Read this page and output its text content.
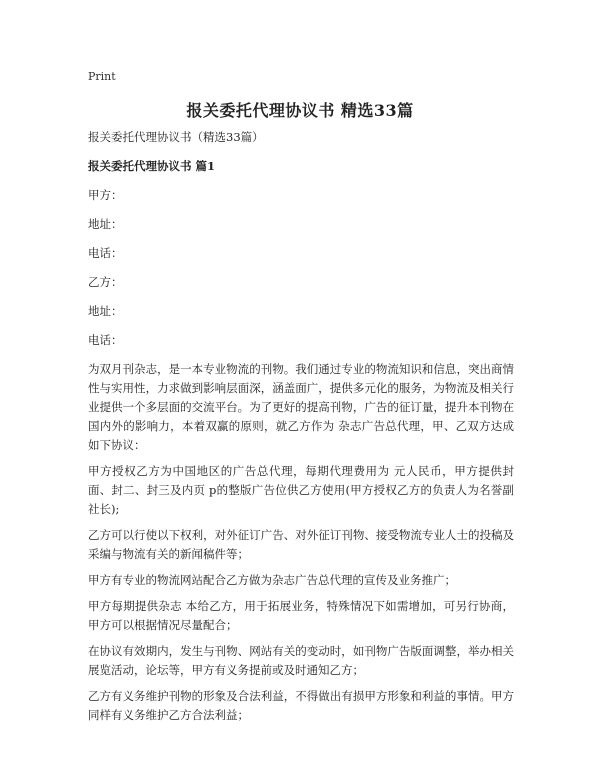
Print
报关委托代理协议书 精选33篇

报关委托代理协议书（精选33篇）

报关委托代理协议书 篇1

甲方：

地址：

电话：

乙方：

地址：

电话：

为双月刊杂志，是一本专业物流的刊物。我们通过专业的物流知识和信息，突出商情性与实用性，力求做到影响层面深，涵盖面广，提供多元化的服务，为物流及相关行业提供一个多层面的交流平台。为了更好的提高刊物，广告的征订量，提升本刊物在国内外的影响力，本着双赢的原则，就乙方作为 杂志广告总代理，甲、乙双方达成如下协议：

甲方授权乙方为中国地区的广告总代理，每期代理费用为 元人民币，甲方提供封面、封二、封三及内页 p的整版广告位供乙方使用(甲方授权乙方的负责人为名誉副社长);

乙方可以行使以下权利，对外征订广告、对外征订刊物、接受物流专业人士的投稿及采编与物流有关的新闻稿件等；

甲方有专业的物流网站配合乙方做为杂志广告总代理的宣传及业务推广；

甲方每期提供杂志 本给乙方，用于拓展业务，特殊情况下如需增加，可另行协商，甲方可以根据情况尽量配合；

在协议有效期内，发生与刊物、网站有关的变动时，如刊物广告版面调整，举办相关展览活动，论坛等，甲方有义务提前或及时通知乙方；

乙方有义务维护刊物的形象及合法利益，不得做出有损甲方形象和利益的事情。甲方同样有义务维护乙方合法利益；
